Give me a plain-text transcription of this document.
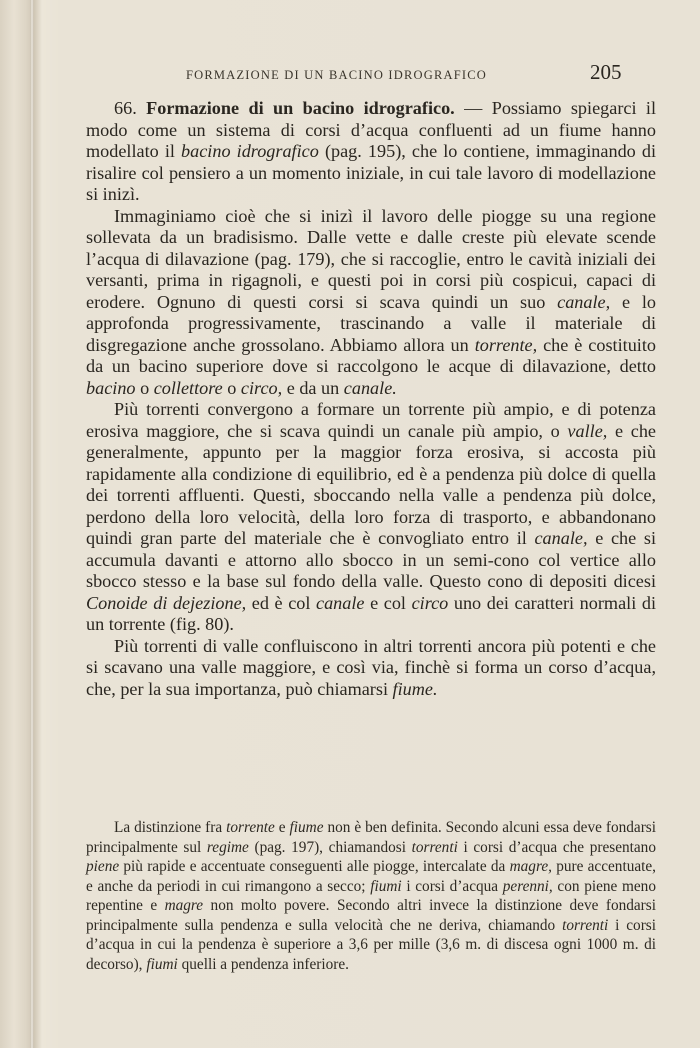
FORMAZIONE DI UN BACINO IDROGRAFICO	205

66. Formazione di un bacino idrografico. — Possiamo spiegarci il modo come un sistema di corsi d’acqua confluenti ad un fiume hanno modellato il bacino idrografico (pag. 195), che lo contiene, immaginando di risalire col pensiero a un momento iniziale, in cui tale lavoro di modellazione si inizì.

Immaginiamo cioè che si inizì il lavoro delle piogge su una regione sollevata da un bradisismo. Dalle vette e dalle creste più elevate scende l’acqua di dilavazione (pag. 179), che si raccoglie, entro le cavità iniziali dei versanti, prima in rigagnoli, e questi poi in corsi più cospicui, capaci di erodere. Ognuno di questi corsi si scava quindi un suo canale, e lo approfonda progressivamente, trascinando a valle il materiale di disgregazione anche grossolano. Abbiamo allora un torrente, che è costituito da un bacino superiore dove si raccolgono le acque di dilavazione, detto bacino o collettore o circo, e da un canale.

Più torrenti convergono a formare un torrente più ampio, e di potenza erosiva maggiore, che si scava quindi un canale più ampio, o valle, e che generalmente, appunto per la maggior forza erosiva, si accosta più rapidamente alla condizione di equilibrio, ed è a pendenza più dolce di quella dei torrenti affluenti. Questi, sboccando nella valle a pendenza più dolce, perdono della loro velocità, della loro forza di trasporto, e abbandonano quindi gran parte del materiale che è convogliato entro il canale, e che si accumula davanti e attorno allo sbocco in un semi-cono col vertice allo sbocco stesso e la base sul fondo della valle. Questo cono di depositi dicesi Conoide di dejezione, ed è col canale e col circo uno dei caratteri normali di un torrente (fig. 80).

Più torrenti di valle confluiscono in altri torrenti ancora più potenti e che si scavano una valle maggiore, e così via, finchè si forma un corso d’acqua, che, per la sua importanza, può chiamarsi fiume.

La distinzione fra torrente e fiume non è ben definita. Secondo alcuni essa deve fondarsi principalmente sul regime (pag. 197), chiamandosi torrenti i corsi d’acqua che presentano piene più rapide e accentuate conseguenti alle piogge, intercalate da magre, pure accentuate, e anche da periodi in cui rimangono a secco; fiumi i corsi d’acqua perenni, con piene meno repentine e magre non molto povere. Secondo altri invece la distinzione deve fondarsi principalmente sulla pendenza e sulla velocità che ne deriva, chiamando torrenti i corsi d’acqua in cui la pendenza è superiore a 3,6 per mille (3,6 m. di discesa ogni 1000 m. di decorso), fiumi quelli a pendenza inferiore.
